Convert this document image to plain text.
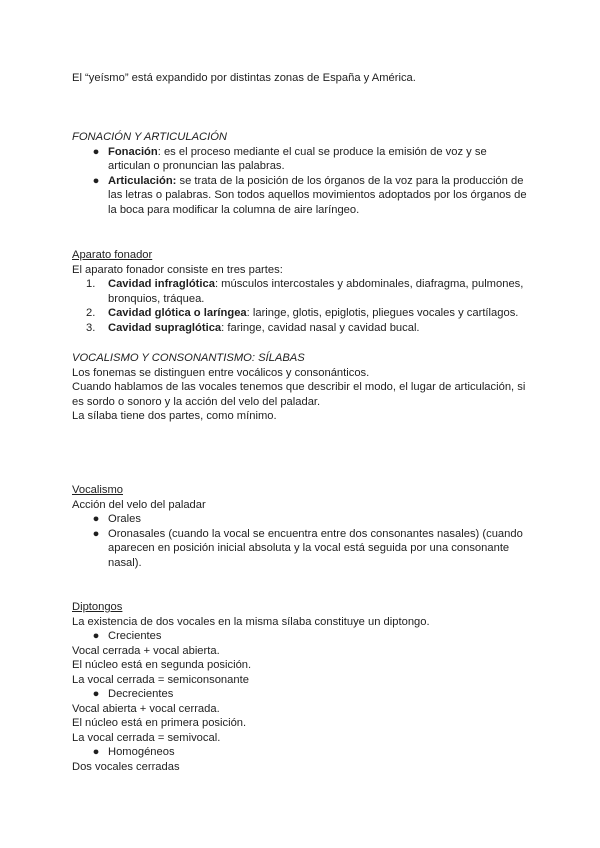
El “yeísmo” está expandido por distintas zonas de España y América.

FONACIÓN Y ARTICULACIÓN

● Fonación: es el proceso mediante el cual se produce la emisión de voz y se articulan o pronuncian las palabras.
● Articulación: se trata de la posición de los órganos de la voz para la producción de las letras o palabras. Son todos aquellos movimientos adoptados por los órganos de la boca para modificar la columna de aire laríngeo.

Aparato fonador

El aparato fonador consiste en tres partes:

1.	Cavidad infraglótica: músculos intercostales y abdominales, diafragma, pulmones, bronquios, tráquea.
2.	Cavidad glótica o laríngea: laringe, glotis, epiglotis, pliegues vocales y cartílagos.
3.	Cavidad supraglótica: faringe, cavidad nasal y cavidad bucal.

VOCALISMO Y CONSONANTISMO: SÍLABAS

Los fonemas se distinguen entre vocálicos y consonánticos.

Cuando hablamos de las vocales tenemos que describir el modo, el lugar de articulación, si es sordo o sonoro y la acción del velo del paladar.

La sílaba tiene dos partes, como mínimo.

Vocalismo

Acción del velo del paladar

● Orales
● Oronasales (cuando la vocal se encuentra entre dos consonantes nasales) (cuando aparecen en posición inicial absoluta y la vocal está seguida por una consonante nasal).

Diptongos

La existencia de dos vocales en la misma sílaba constituye un diptongo.

● Crecientes

Vocal cerrada + vocal abierta.

El núcleo está en segunda posición.

La vocal cerrada = semiconsonante

● Decrecientes

Vocal abierta + vocal cerrada.

El núcleo está en primera posición.

La vocal cerrada = semivocal.

● Homogéneos

Dos vocales cerradas
